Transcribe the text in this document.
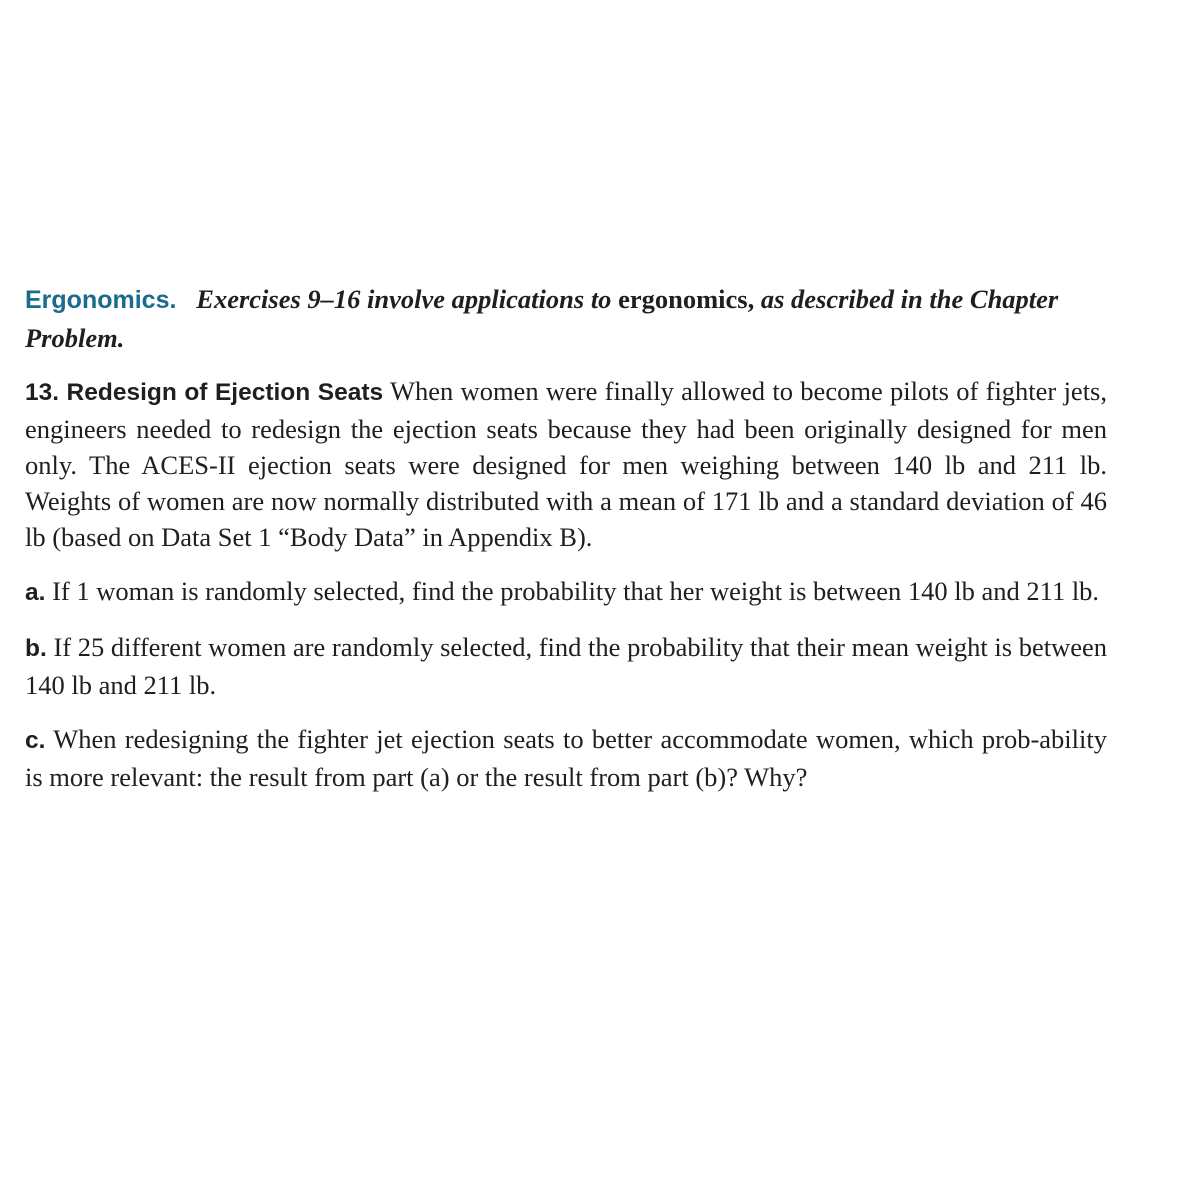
Ergonomics. Exercises 9–16 involve applications to ergonomics, as described in the Chapter Problem.

13. Redesign of Ejection Seats When women were finally allowed to become pilots of fighter jets, engineers needed to redesign the ejection seats because they had been originally designed for men only. The ACES-II ejection seats were designed for men weighing between 140 lb and 211 lb. Weights of women are now normally distributed with a mean of 171 lb and a standard deviation of 46 lb (based on Data Set 1 “Body Data” in Appendix B).

a. If 1 woman is randomly selected, find the probability that her weight is between 140 lb and 211 lb.

b. If 25 different women are randomly selected, find the probability that their mean weight is between 140 lb and 211 lb.

c. When redesigning the fighter jet ejection seats to better accommodate women, which prob-ability is more relevant: the result from part (a) or the result from part (b)? Why?
